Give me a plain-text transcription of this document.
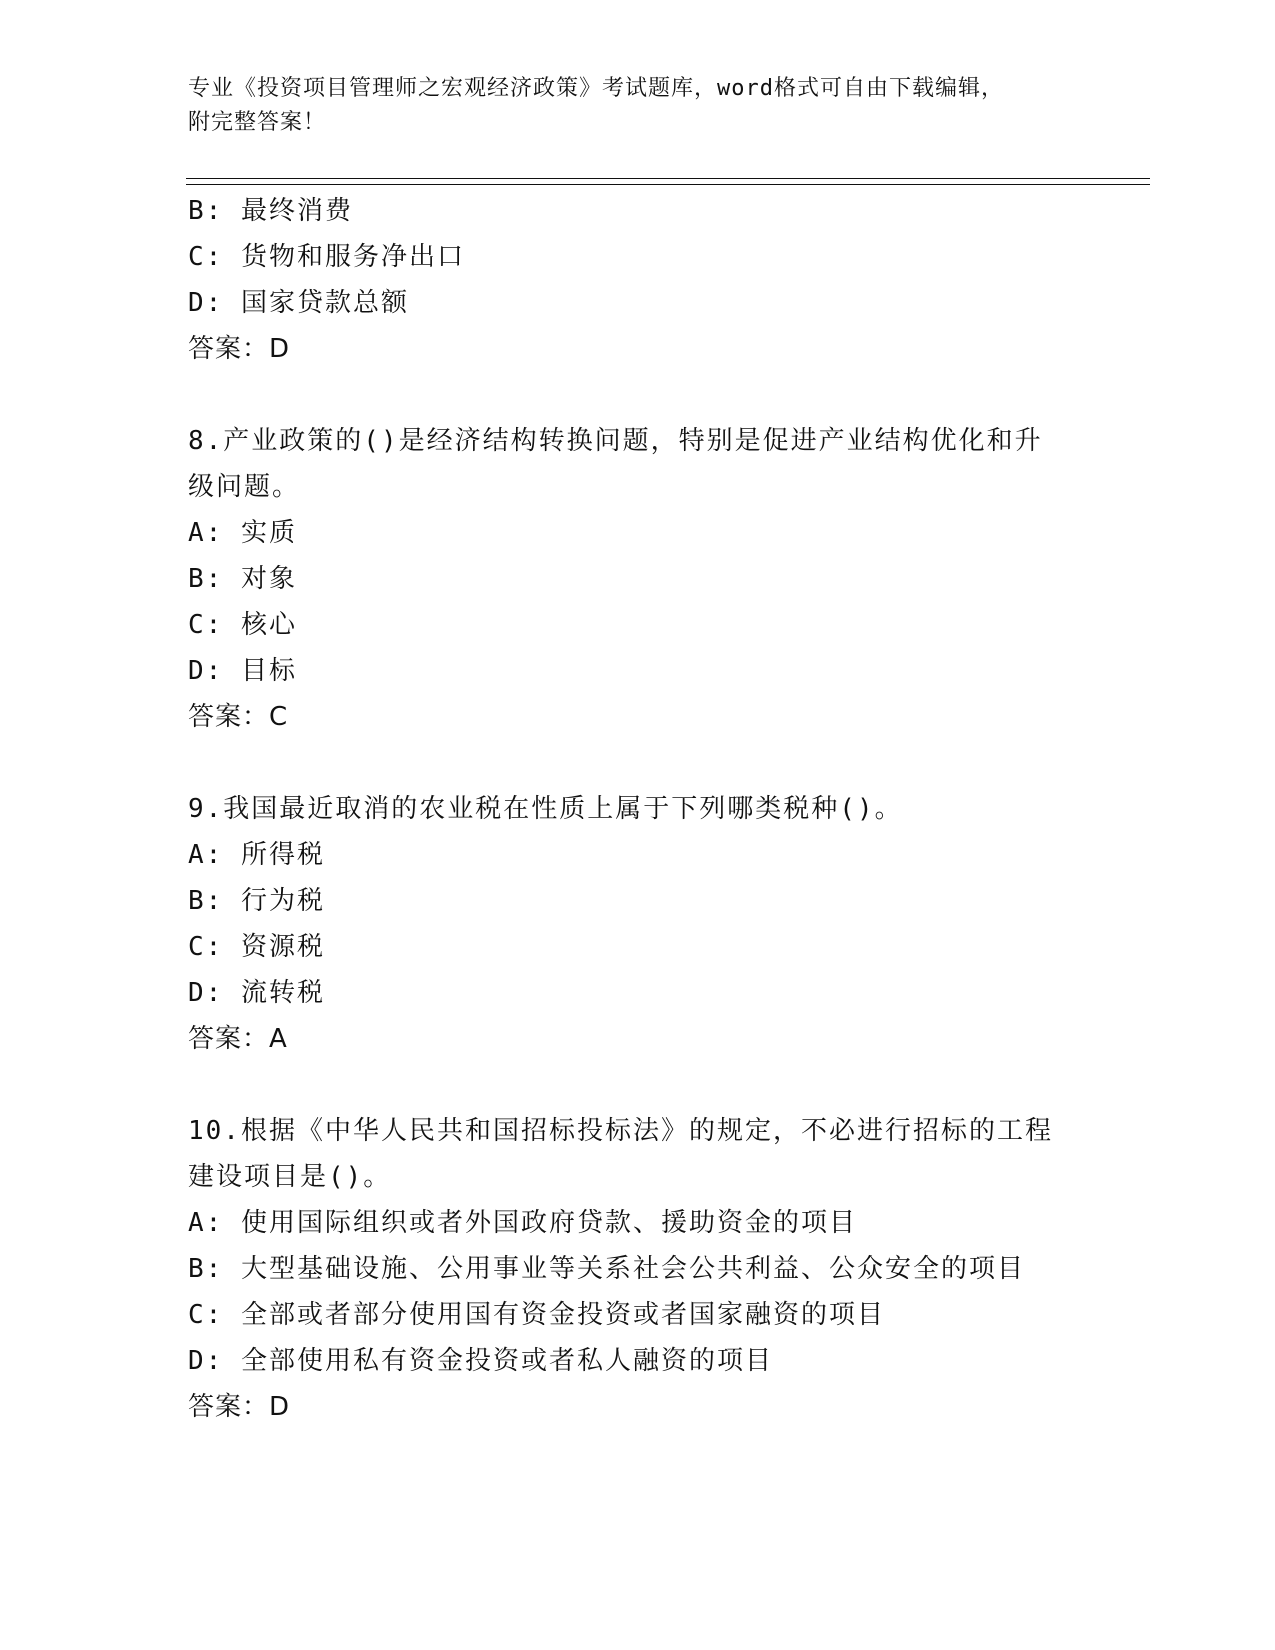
专业《投资项目管理师之宏观经济政策》考试题库，word格式可自由下载编辑，
附完整答案！
B: 最终消费
C: 货物和服务净出口
D: 国家贷款总额
答案：D
8.产业政策的()是经济结构转换问题，特别是促进产业结构优化和升级问题。
A: 实质
B: 对象
C: 核心
D: 目标
答案：C
9.我国最近取消的农业税在性质上属于下列哪类税种()。
A: 所得税
B: 行为税
C: 资源税
D: 流转税
答案：A
10.根据《中华人民共和国招标投标法》的规定，不必进行招标的工程建设项目是()。
A: 使用国际组织或者外国政府贷款、援助资金的项目
B: 大型基础设施、公用事业等关系社会公共利益、公众安全的项目
C: 全部或者部分使用国有资金投资或者国家融资的项目
D: 全部使用私有资金投资或者私人融资的项目
答案：D
